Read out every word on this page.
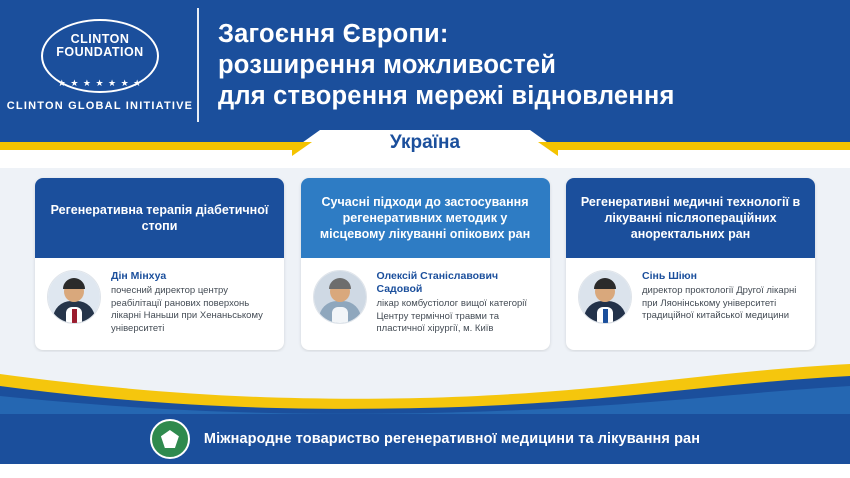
CLINTON FOUNDATION
★ ★ ★ ★ ★ ★ ★
CLINTON GLOBAL INITIATIVE
Загоєння Європи:
розширення можливостей
для створення мережі відновлення
Україна
Регенеративна терапія діабетичної стопи
Дін Мінхуа
почесний директор центру реабілітації ранових поверхонь лікарні Наньши при Хенаньському університеті
Сучасні підходи до застосування регенеративних методик у місцевому лікуванні опікових ран
Олексій Станіславович Садовой
лікар комбустіолог вищої категорії Центру термічної травми та пластичної хірургії, м. Київ
Регенеративні медичні технології в лікуванні післяопераційних аноректальних ран
Сінь Шіюн
директор проктології Другої лікарні при Ляонінському університеті традиційної китайської медицини
Міжнародне товариство регенеративної медицини та лікування ран
